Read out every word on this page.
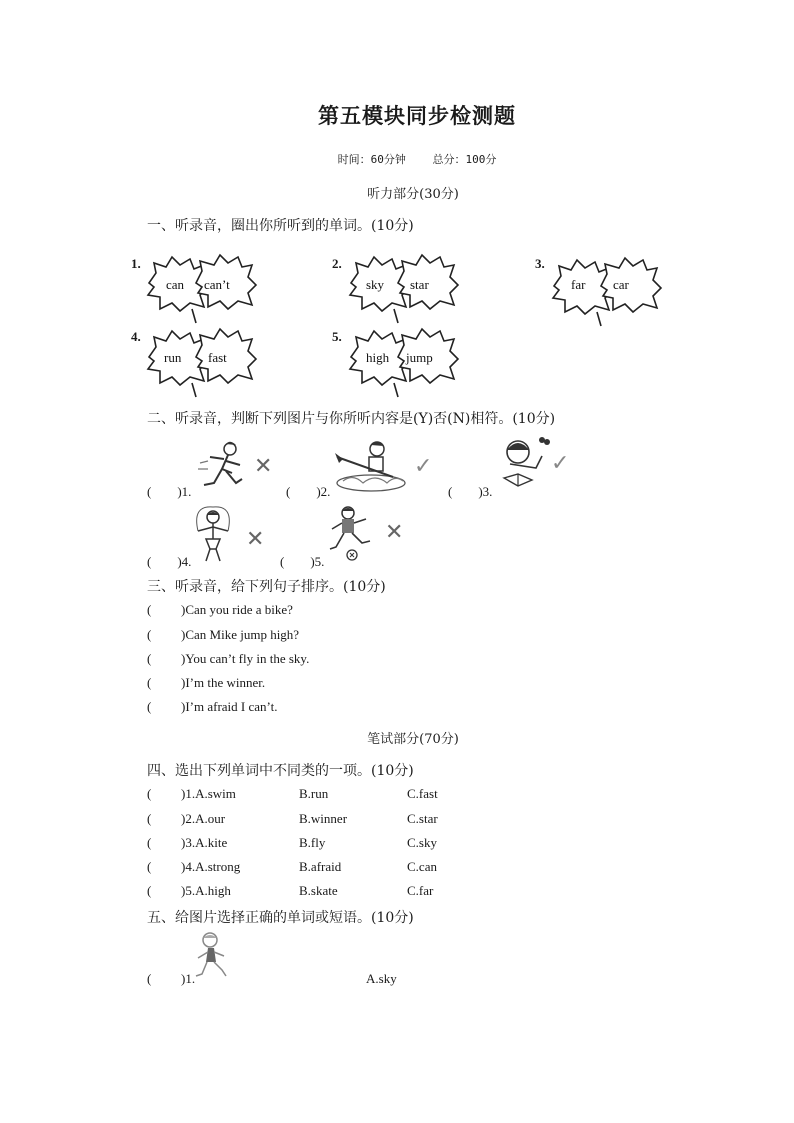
第五模块同步检测题
时间：60分钟 总分：100分
听力部分(30分)
一、听录音，圈出你所听到的单词。(10分)
1.
can can’t
2.
sky star
3.
far car
4.
run fast
5.
high jump
二、听录音，判断下列图片与你所听内容是(Y)否(N)相符。(10分)
(　　)1.
✕
(　　)2.
✓
(　　)3.
✓
(　　)4.
✕
(　　)5.
✕
三、听录音，给下列句子排序。(10分)
( )Can you ride a bike?
( )Can Mike jump high?
( )You can’t fly in the sky.
( )I’m the winner.
( )I’m afraid I can’t.
笔试部分(70分)
四、选出下列单词中不同类的一项。(10分)
( )1.A.swim	B.run	C.fast
( )2.A.our	B.winner	C.star
( )3.A.kite	B.fly	C.sky
( )4.A.strong	B.afraid	C.can
( )5.A.high	B.skate	C.far
五、给图片选择正确的单词或短语。(10分)
( )1.	A.sky
